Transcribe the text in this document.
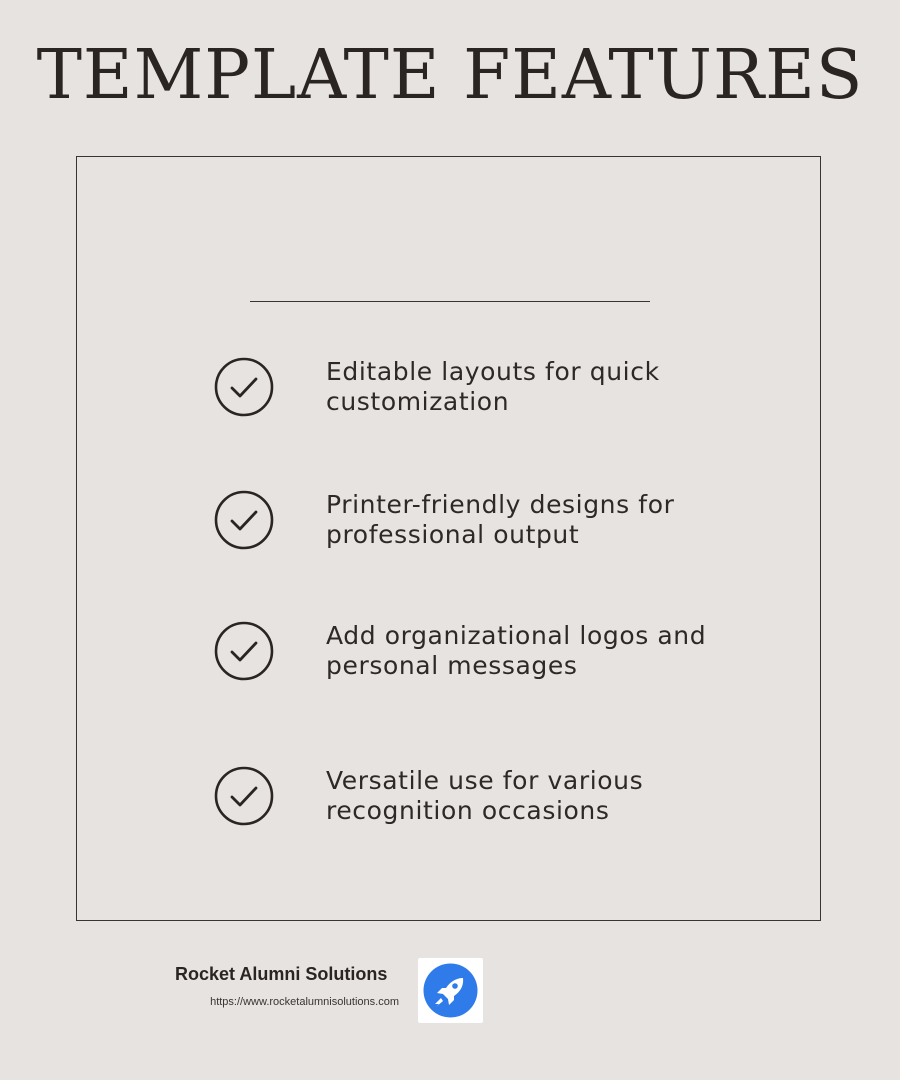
TEMPLATE FEATURES
Editable layouts for quick
customization
Printer-friendly designs for
professional output
Add organizational logos and
personal messages
Versatile use for various
recognition occasions
Rocket Alumni Solutions
https://www.rocketalumnisolutions.com
